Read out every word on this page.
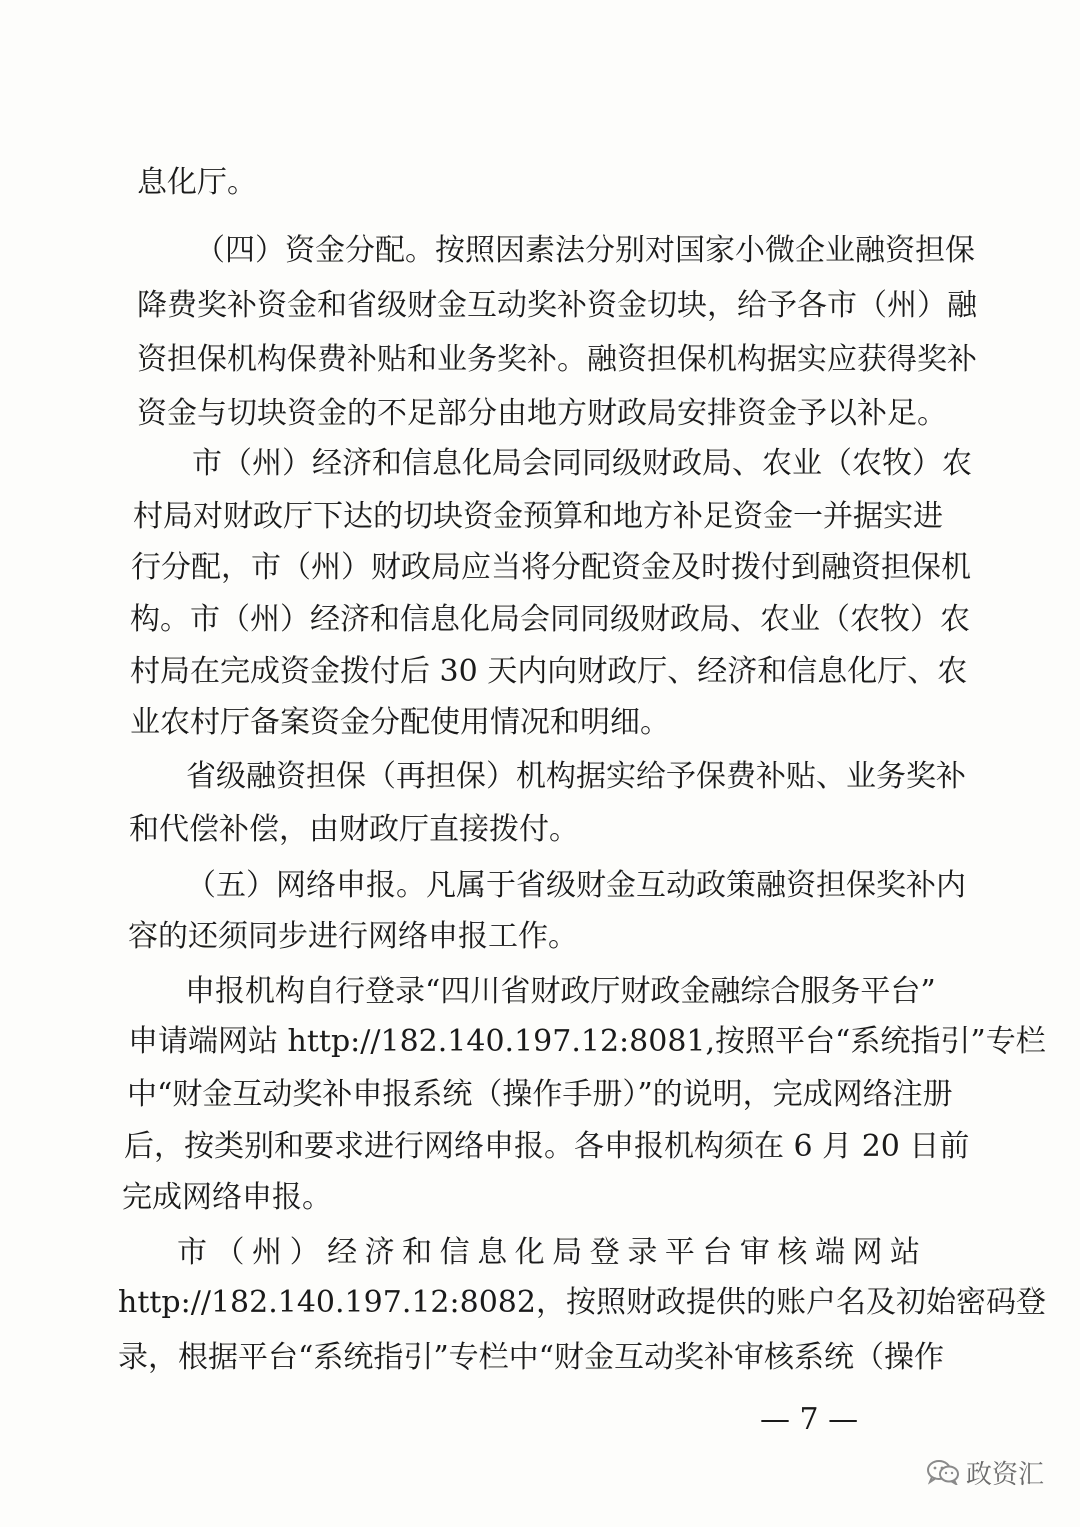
息化厅。
（四）资金分配。按照因素法分别对国家小微企业融资担保
降费奖补资金和省级财金互动奖补资金切块，给予各市（州）融
资担保机构保费补贴和业务奖补。融资担保机构据实应获得奖补
资金与切块资金的不足部分由地方财政局安排资金予以补足。
市（州）经济和信息化局会同同级财政局、农业（农牧）农
村局对财政厅下达的切块资金预算和地方补足资金一并据实进
行分配，市（州）财政局应当将分配资金及时拨付到融资担保机
构。市（州）经济和信息化局会同同级财政局、农业（农牧）农
村局在完成资金拨付后 30 天内向财政厅、经济和信息化厅、农
业农村厅备案资金分配使用情况和明细。
省级融资担保（再担保）机构据实给予保费补贴、业务奖补
和代偿补偿，由财政厅直接拨付。
（五）网络申报。凡属于省级财金互动政策融资担保奖补内
容的还须同步进行网络申报工作。
申报机构自行登录“四川省财政厅财政金融综合服务平台”
申请端网站 http://182.140.197.12:8081,按照平台“系统指引”专栏
中“财金互动奖补申报系统（操作手册）”的说明，完成网络注册
后，按类别和要求进行网络申报。各申报机构须在 6 月 20 日前
完成网络申报。
市（州）经济和信息化局登录平台审核端网站
http://182.140.197.12:8082，按照财政提供的账户名及初始密码登
录，根据平台“系统指引”专栏中“财金互动奖补审核系统（操作
— 7 —
政资汇
